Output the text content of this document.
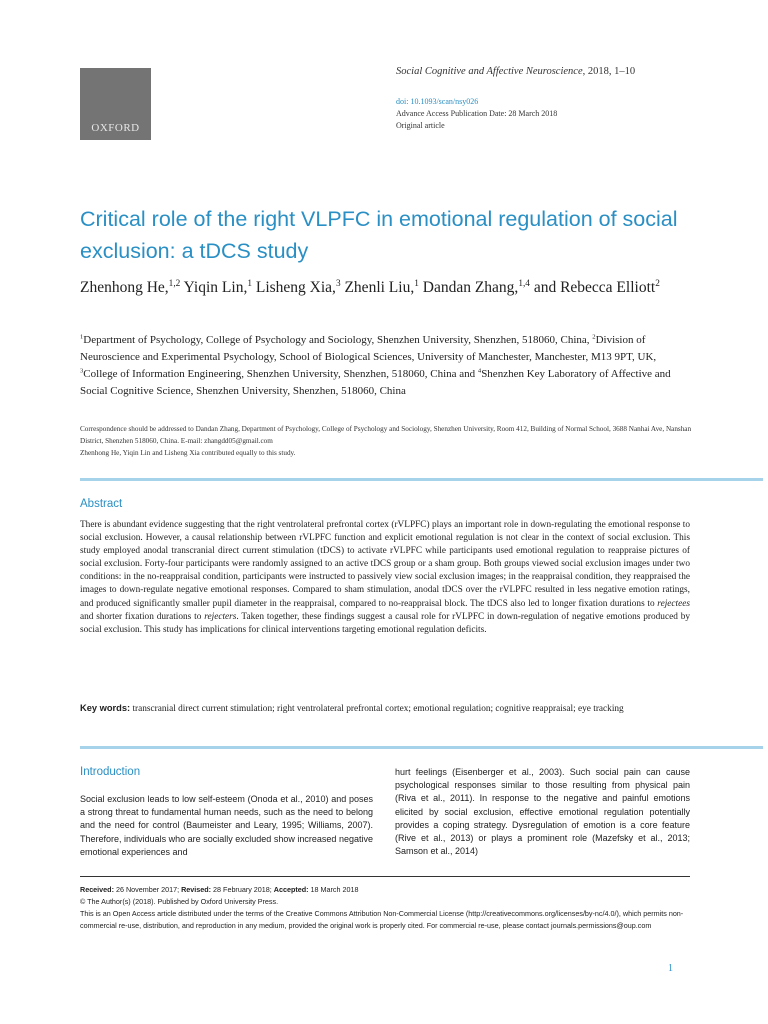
OXFORD
Social Cognitive and Affective Neuroscience, 2018, 1–10
doi: 10.1093/scan/nsy026
Advance Access Publication Date: 28 March 2018
Original article
Critical role of the right VLPFC in emotional regulation of social exclusion: a tDCS study
Zhenhong He,$^{1,2}$ Yiqin Lin,$^1$ Lisheng Xia,$^3$ Zhenli Liu,$^1$ Dandan Zhang,$^{1,4}$ and Rebecca Elliott$^2$
$^1$Department of Psychology, College of Psychology and Sociology, Shenzhen University, Shenzhen, 518060, China, $^2$Division of Neuroscience and Experimental Psychology, School of Biological Sciences, University of Manchester, Manchester, M13 9PT, UK, $^3$College of Information Engineering, Shenzhen University, Shenzhen, 518060, China and $^4$Shenzhen Key Laboratory of Affective and Social Cognitive Science, Shenzhen University, Shenzhen, 518060, China
Correspondence should be addressed to Dandan Zhang, Department of Psychology, College of Psychology and Sociology, Shenzhen University, Room 412, Building of Normal School, 3688 Nanhai Ave, Nanshan District, Shenzhen 518060, China. E-mail: zhangdd05@gmail.com
Zhenhong He, Yiqin Lin and Lisheng Xia contributed equally to this study.
Abstract

There is abundant evidence suggesting that the right ventrolateral prefrontal cortex (rVLPFC) plays an important role in down-regulating the emotional response to social exclusion. However, a causal relationship between rVLPFC function and explicit emotional regulation is not clear in the context of social exclusion. This study employed anodal transcranial direct current stimulation (tDCS) to activate rVLPFC while participants used emotional regulation to reappraise pictures of social exclusion. Forty-four participants were randomly assigned to an active tDCS group or a sham group. Both groups viewed social exclusion images under two conditions: in the no-reappraisal condition, participants were instructed to passively view social exclusion images; in the reappraisal condition, they reappraised the images to down-regulate negative emotional responses. Compared to sham stimulation, anodal tDCS over the rVLPFC resulted in less negative emotion ratings, and produced significantly smaller pupil diameter in the reappraisal, compared to no-reappraisal block. The tDCS also led to longer fixation durations to rejectees and shorter fixation durations to rejecters. Taken together, these findings suggest a causal role for rVLPFC in down-regulation of negative emotions produced by social exclusion. This study has implications for clinical interventions targeting emotional regulation deficits.

Key words: transcranial direct current stimulation; right ventrolateral prefrontal cortex; emotional regulation; cognitive reappraisal; eye tracking
Introduction
Social exclusion leads to low self-esteem (Onoda et al., 2010) and poses a strong threat to fundamental human needs, such as the need to belong and the need for control (Baumeister and Leary, 1995; Williams, 2007). Therefore, individuals who are socially excluded show increased negative emotional experiences and
hurt feelings (Eisenberger et al., 2003). Such social pain can cause psychological responses similar to those resulting from physical pain (Riva et al., 2011). In response to the negative and painful emotions elicited by social exclusion, effective emotional regulation potentially provides a coping strategy. Dysregulation of emotion is a core feature (Rive et al., 2013) or plays a prominent role (Mazefsky et al., 2013; Samson et al., 2014)
Received: 26 November 2017; Revised: 28 February 2018; Accepted: 18 March 2018
© The Author(s) (2018). Published by Oxford University Press.
This is an Open Access article distributed under the terms of the Creative Commons Attribution Non-Commercial License (http://creativecommons.org/licenses/by-nc/4.0/), which permits non-commercial re-use, distribution, and reproduction in any medium, provided the original work is properly cited. For commercial re-use, please contact journals.permissions@oup.com
1
